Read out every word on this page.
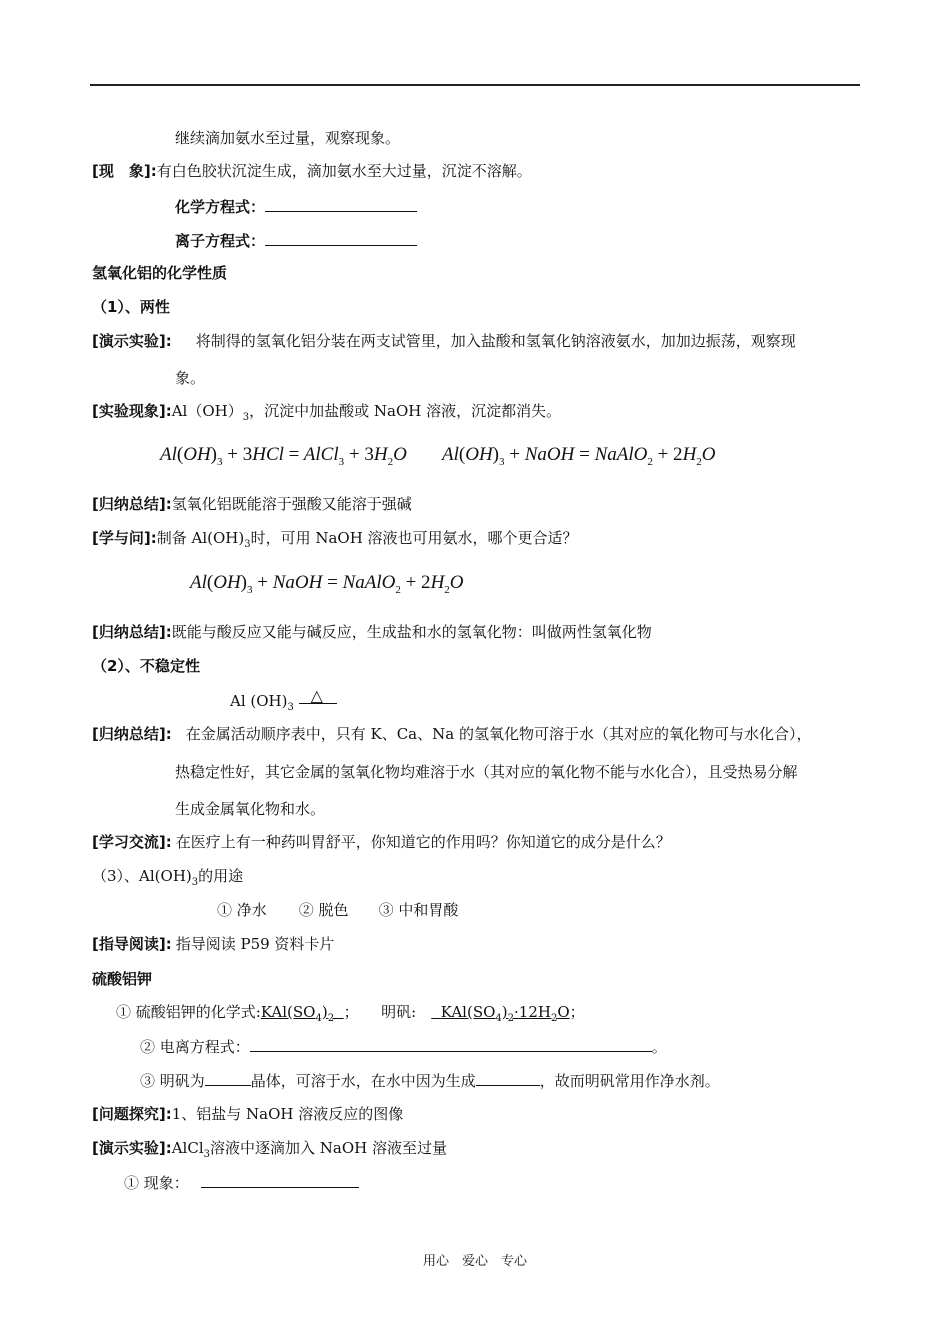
继续滴加氨水至过量，观察现象。
[现　象]:有白色胶状沉淀生成，滴加氨水至大过量，沉淀不溶解。
化学方程式：
离子方程式：
氢氧化铝的化学性质
（1）、两性
[演示实验]: 将制得的氢氧化铝分装在两支试管里，加入盐酸和氢氧化钠溶液氨水，加加边振荡，观察现
象。
[实验现象]$:Al(OH)_3$，沉淀中加盐酸或 NaOH 溶液，沉淀都消失。
$Al(OH)_3 + 3HCl$ = AlCl$_3$ + $3H_2O$ $Al(OH)_3$ + NaOH = NaAlO$_2$ + $2H_2O$
[归纳总结]:氢氧化铝既能溶于强酸又能溶于强碱
[学与问]:制备 $Al(OH)_3$时，可用 NaOH 溶液也可用氨水，哪个更合适？
$Al(OH)_3$ + NaOH = NaAlO$_2$ + $2H_2O$
[归纳总结]:既能与酸反应又能与碱反应，生成盐和水的氢氧化物：叫做两性氢氧化物
（2）、不稳定性
Al $(OH)_3$
△
[归纳总结]: 在金属活动顺序表中，只有 K、Ca、Na 的氢氧化物可溶于水（其对应的氧化物可与水化合），
热稳定性好，其它金属的氢氧化物均难溶于水（其对应的氧化物不能与水化合），且受热易分解
生成金属氧化物和水。
[学习交流]: 在医疗上有一种药叫胃舒平，你知道它的作用吗？你知道它的成分是什么？
（3）、$Al(OH)_3$的用途
① 净水 ② 脱色 ③ 中和胃酸
[指导阅读]: 指导阅读 P59 资料卡片
硫酸铝钾
① 硫酸铝钾的化学式$:KAl(SO_4)_2$ ；　　明矾:　  $KAl(SO_4)_2\cdot 12H_2O$；
② 电离方程式：	。
③ 明矾为	晶体，可溶于水，在水中因为生成	，故而明矾常用作净水剂。
[问题探究]:1、铝盐与 NaOH 溶液反应的图像
[演示实验]:AlCl$_3$溶液中逐滴加入 NaOH 溶液至过量
① 现象：
用心　爱心　专心
